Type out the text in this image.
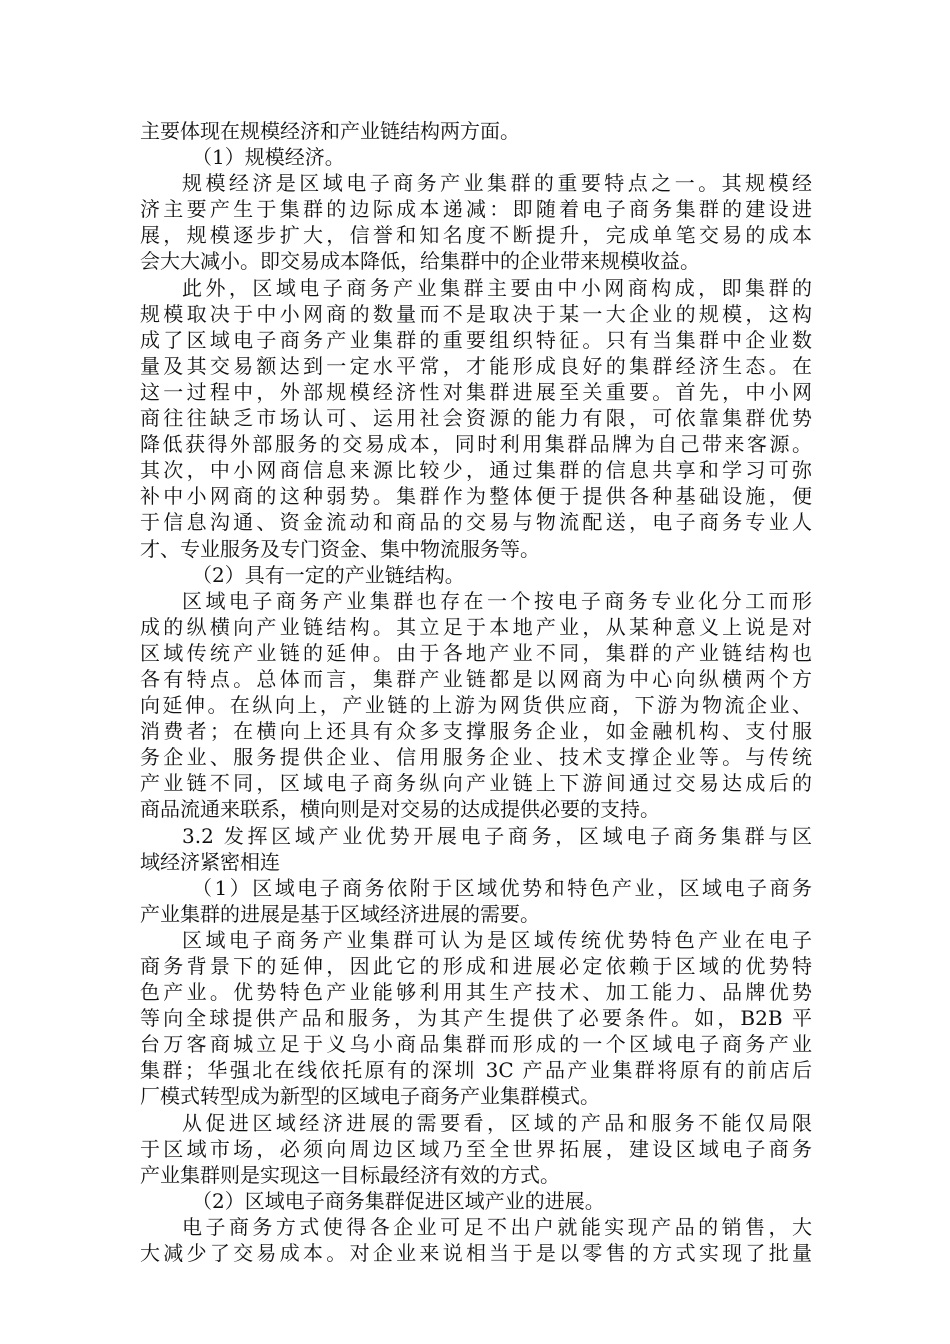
主要体现在规模经济和产业链结构两方面。
（1）规模经济。
规模经济是区域电子商务产业集群的重要特点之一。其规模经
济主要产生于集群的边际成本递减：即随着电子商务集群的建设进
展，规模逐步扩大，信誉和知名度不断提升，完成单笔交易的成本
会大大减小。即交易成本降低，给集群中的企业带来规模收益。
此外，区域电子商务产业集群主要由中小网商构成，即集群的
规模取决于中小网商的数量而不是取决于某一大企业的规模，这构
成了区域电子商务产业集群的重要组织特征。只有当集群中企业数
量及其交易额达到一定水平常，才能形成良好的集群经济生态。在
这一过程中，外部规模经济性对集群进展至关重要。首先，中小网
商往往缺乏市场认可、运用社会资源的能力有限，可依靠集群优势
降低获得外部服务的交易成本，同时利用集群品牌为自己带来客源。
其次，中小网商信息来源比较少，通过集群的信息共享和学习可弥
补中小网商的这种弱势。集群作为整体便于提供各种基础设施，便
于信息沟通、资金流动和商品的交易与物流配送，电子商务专业人
才、专业服务及专门资金、集中物流服务等。
（2）具有一定的产业链结构。
区域电子商务产业集群也存在一个按电子商务专业化分工而形
成的纵横向产业链结构。其立足于本地产业，从某种意义上说是对
区域传统产业链的延伸。由于各地产业不同，集群的产业链结构也
各有特点。总体而言，集群产业链都是以网商为中心向纵横两个方
向延伸。在纵向上，产业链的上游为网货供应商，下游为物流企业、
消费者；在横向上还具有众多支撑服务企业，如金融机构、支付服
务企业、服务提供企业、信用服务企业、技术支撑企业等。与传统
产业链不同，区域电子商务纵向产业链上下游间通过交易达成后的
商品流通来联系，横向则是对交易的达成提供必要的支持。
3.2 发挥区域产业优势开展电子商务，区域电子商务集群与区
域经济紧密相连
（1）区域电子商务依附于区域优势和特色产业，区域电子商务
产业集群的进展是基于区域经济进展的需要。
区域电子商务产业集群可认为是区域传统优势特色产业在电子
商务背景下的延伸，因此它的形成和进展必定依赖于区域的优势特
色产业。优势特色产业能够利用其生产技术、加工能力、品牌优势
等向全球提供产品和服务，为其产生提供了必要条件。如，B2B 平
台万客商城立足于义乌小商品集群而形成的一个区域电子商务产业
集群；华强北在线依托原有的深圳 3C 产品产业集群将原有的前店后
厂模式转型成为新型的区域电子商务产业集群模式。
从促进区域经济进展的需要看，区域的产品和服务不能仅局限
于区域市场，必须向周边区域乃至全世界拓展，建设区域电子商务
产业集群则是实现这一目标最经济有效的方式。
（2）区域电子商务集群促进区域产业的进展。
电子商务方式使得各企业可足不出户就能实现产品的销售，大
大减少了交易成本。对企业来说相当于是以零售的方式实现了批量
